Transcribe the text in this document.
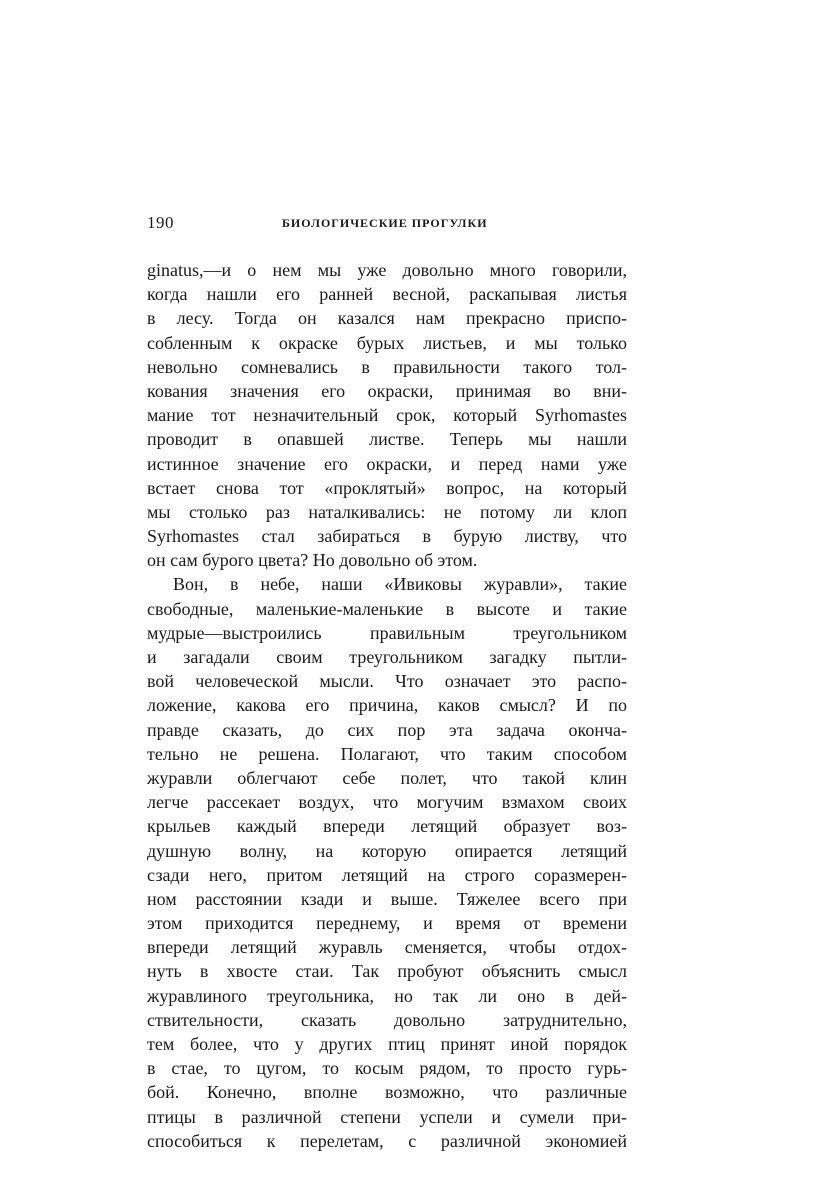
190	БИОЛОГИЧЕСКИЕ ПРОГУЛКИ
ginatus,—и о нем мы уже довольно много говорили,
когда нашли его ранней весной, раскапывая листья
в лесу. Тогда он казался нам прекрасно приспо-
собленным к окраске бурых листьев, и мы только
невольно сомневались в правильности такого тол-
кования значения его окраски, принимая во вни-
мание тот незначительный срок, который Syrhomastes
проводит в опавшей листве. Теперь мы нашли
истинное значение его окраски, и перед нами уже
встает снова тот «проклятый» вопрос, на который
мы столько раз наталкивались: не потому ли клоп
Syrhomastes стал забираться в бурую листву, что
он сам бурого цвета? Но довольно об этом.
Вон, в небе, наши «Ивиковы журавли», такие
свободные, маленькие-маленькие в высоте и такие
мудрые—выстроились правильным треугольником
и загадали своим треугольником загадку пытли-
вой человеческой мысли. Что означает это распо-
ложение, какова его причина, каков смысл? И по
правде сказать, до сих пор эта задача оконча-
тельно не решена. Полагают, что таким способом
журавли облегчают себе полет, что такой клин
легче рассекает воздух, что могучим взмахом своих
крыльев каждый впереди летящий образует воз-
душную волну, на которую опирается летящий
сзади него, притом летящий на строго соразмерен-
ном расстоянии кзади и выше. Тяжелее всего при
этом приходится переднему, и время от времени
впереди летящий журавль сменяется, чтобы отдох-
нуть в хвосте стаи. Так пробуют объяснить смысл
журавлиного треугольника, но так ли оно в дей-
ствительности, сказать довольно затруднительно,
тем более, что у других птиц принят иной порядок
в стае, то цугом, то косым рядом, то просто гурь-
бой. Конечно, вполне возможно, что различные
птицы в различной степени успели и сумели при-
способиться к перелетам, с различной экономией
